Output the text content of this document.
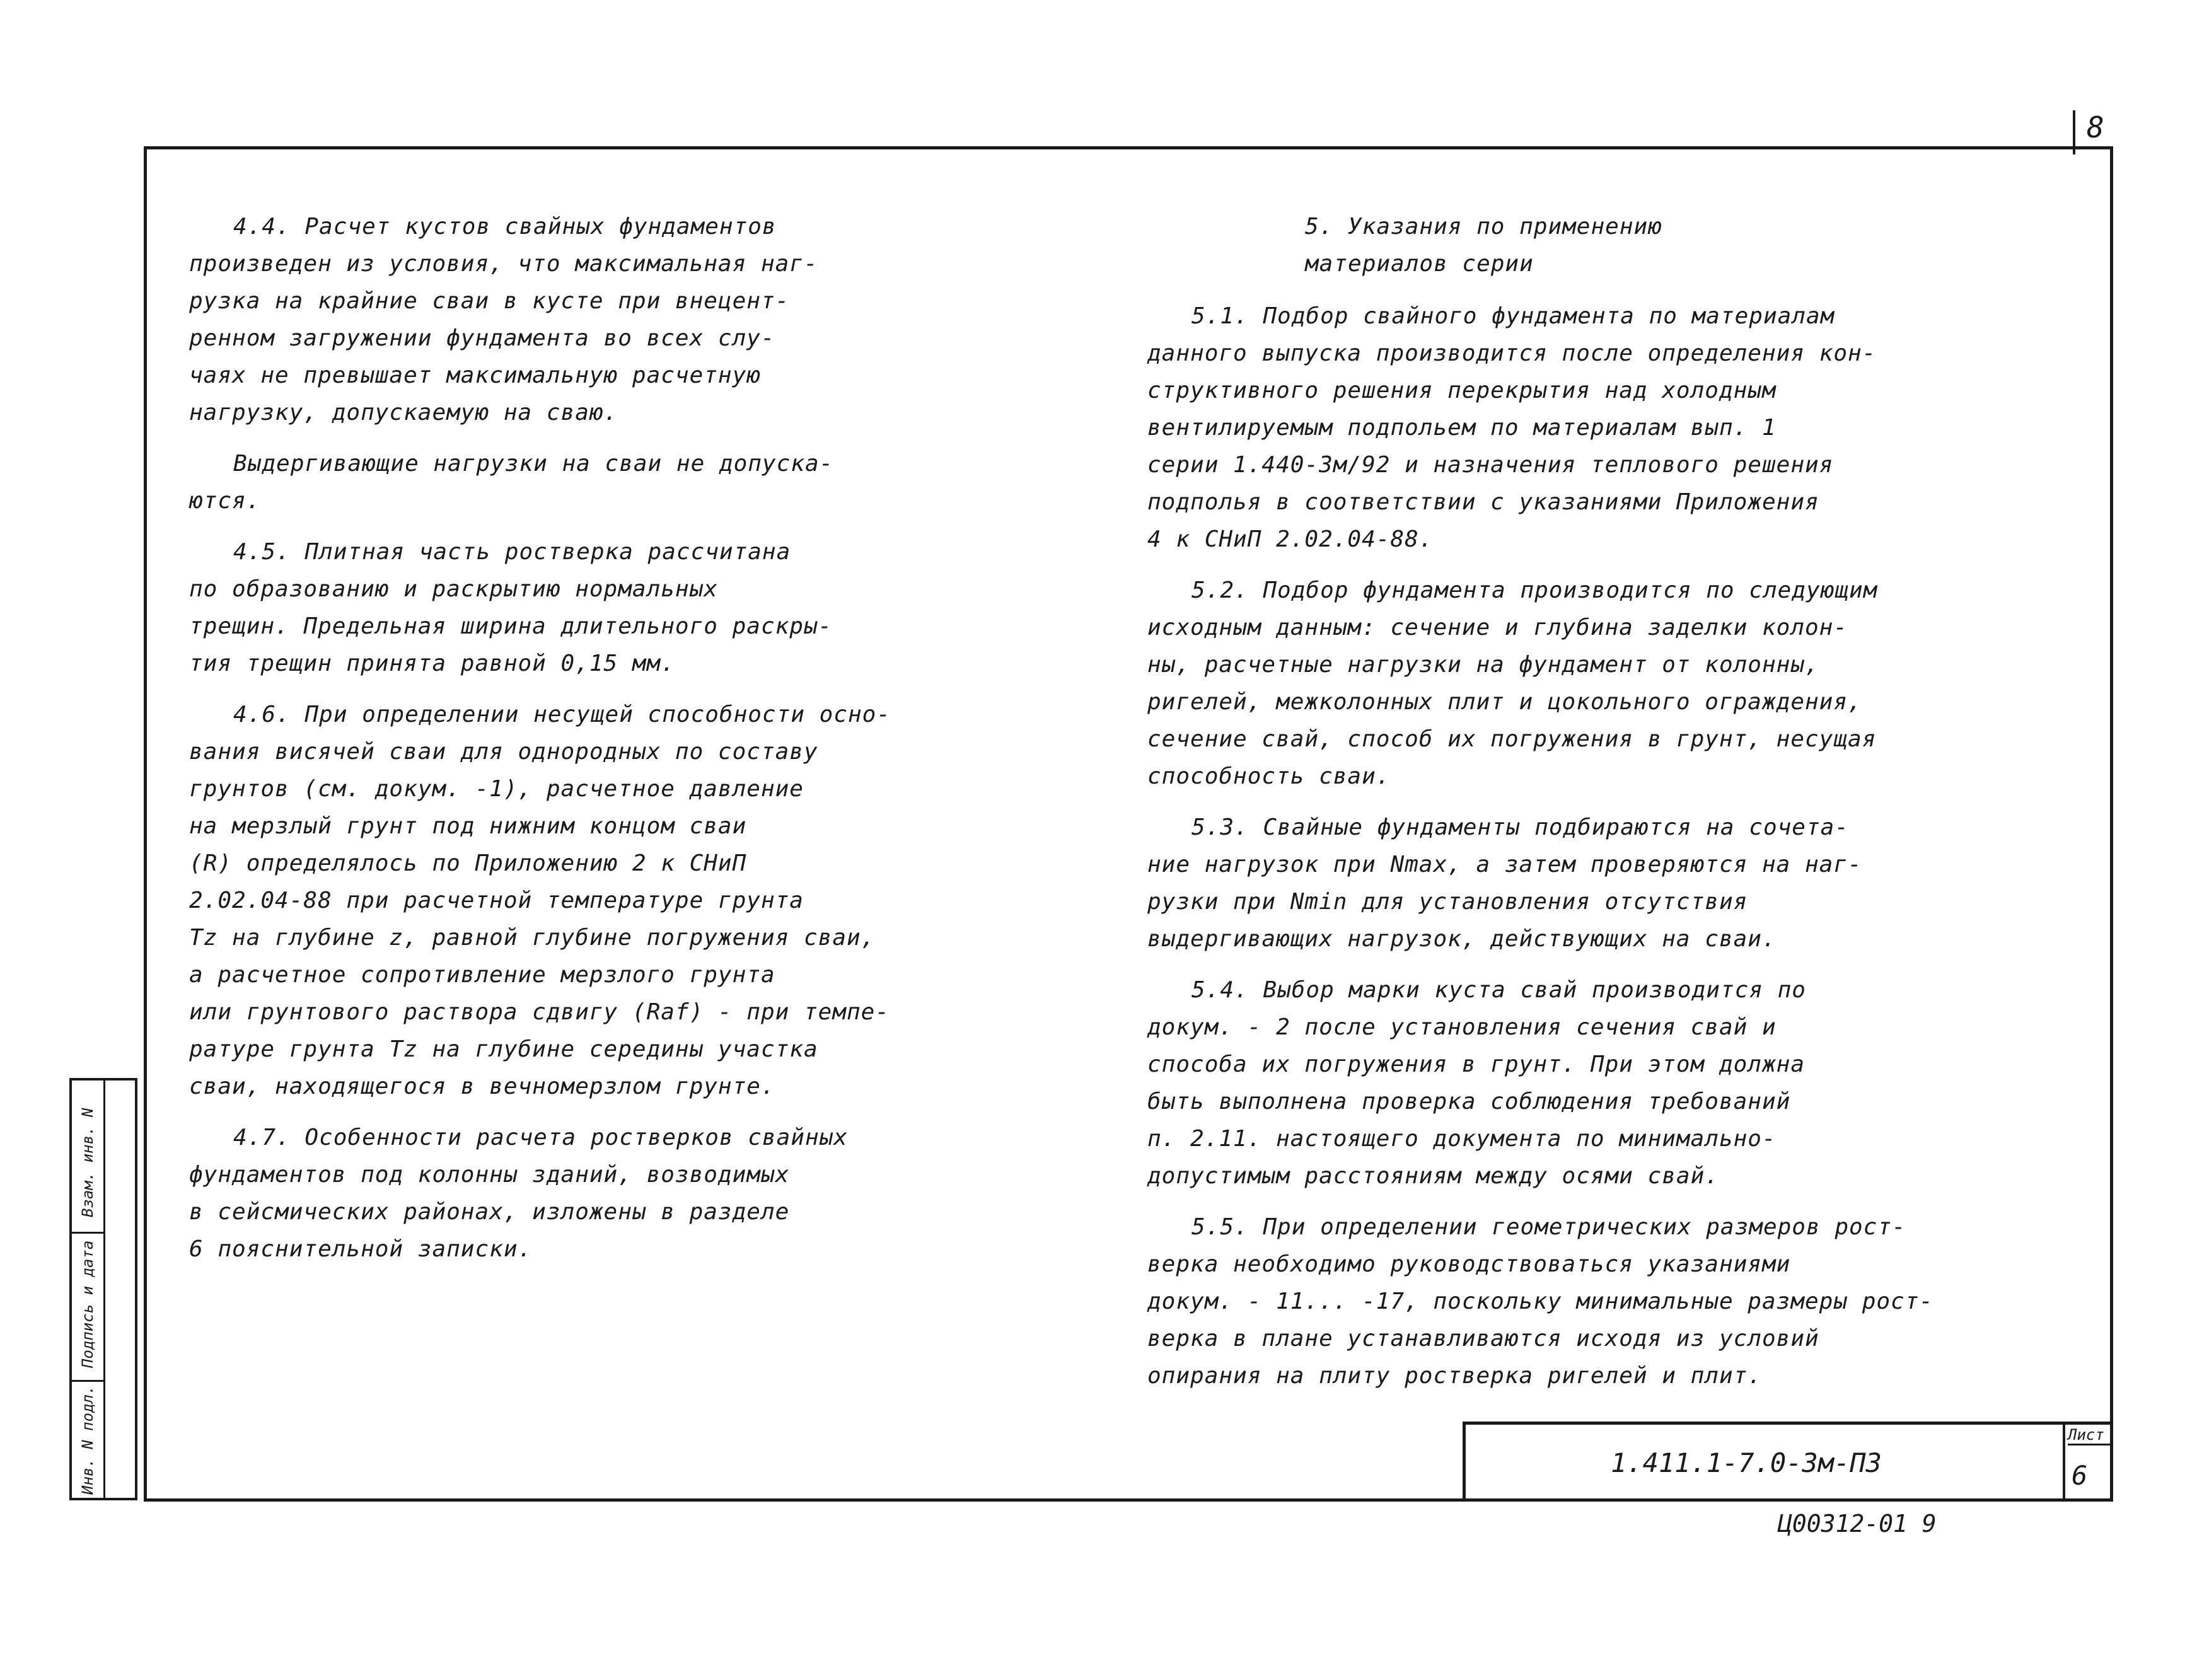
8

4.4. Расчет кустов свайных фундаментов
произведен из условия, что максимальная наг-
рузка на крайние сваи в кусте при внецент-
ренном загружении фундамента во всех слу-
чаях не превышает максимальную расчетную
нагрузку, допускаемую на сваю.

Выдергивающие нагрузки на сваи не допуска-
ются.

4.5. Плитная часть ростверка рассчитана
по образованию и раскрытию нормальных
трещин. Предельная ширина длительного раскры-
тия трещин принята равной 0,15 мм.

4.6. При определении несущей способности осно-
вания висячей сваи для однородных по составу
грунтов (см. докум. -1), расчетное давление
на мерзлый грунт под нижним концом сваи
(R) определялось по Приложению 2 к СНиП
2.02.04-88 при расчетной температуре грунта
Tz на глубине z, равной глубине погружения сваи,
а расчетное сопротивление мерзлого грунта
или грунтового раствора сдвигу (Raf) - при темпе-
ратуре грунта Tz на глубине середины участка
сваи, находящегося в вечномерзлом грунте.

4.7. Особенности расчета ростверков свайных
фундаментов под колонны зданий, возводимых
в сейсмических районах, изложены в разделе
6 пояснительной записки.

5. Указания по применению
материалов серии

5.1. Подбор свайного фундамента по материалам
данного выпуска производится после определения кон-
структивного решения перекрытия над холодным
вентилируемым подпольем по материалам вып. 1
серии 1.440-3м/92 и назначения теплового решения
подполья в соответствии с указаниями Приложения
4 к СНиП 2.02.04-88.

5.2. Подбор фундамента производится по следующим
исходным данным: сечение и глубина заделки колон-
ны, расчетные нагрузки на фундамент от колонны,
ригелей, межколонных плит и цокольного ограждения,
сечение свай, способ их погружения в грунт, несущая
способность сваи.

5.3. Свайные фундаменты подбираются на сочета-
ние нагрузок при Nmax, а затем проверяются на наг-
рузки при Nmin для установления отсутствия
выдергивающих нагрузок, действующих на сваи.

5.4. Выбор марки куста свай производится по
докум. - 2 после установления сечения свай и
способа их погружения в грунт. При этом должна
быть выполнена проверка соблюдения требований
п. 2.11. настоящего документа по минимально-
допустимым расстояниям между осями свай.

5.5. При определении геометрических размеров рост-
верка необходимо руководствоваться указаниями
докум. - 11... -17, поскольку минимальные размеры рост-
верка в плане устанавливаются исходя из условий
опирания на плиту ростверка ригелей и плит.

Взам. инв. N
Подпись и дата
Инв. N подл.	1.411.1-7.0-3м-ПЗ
Лист
6
Ц00312-01 9
